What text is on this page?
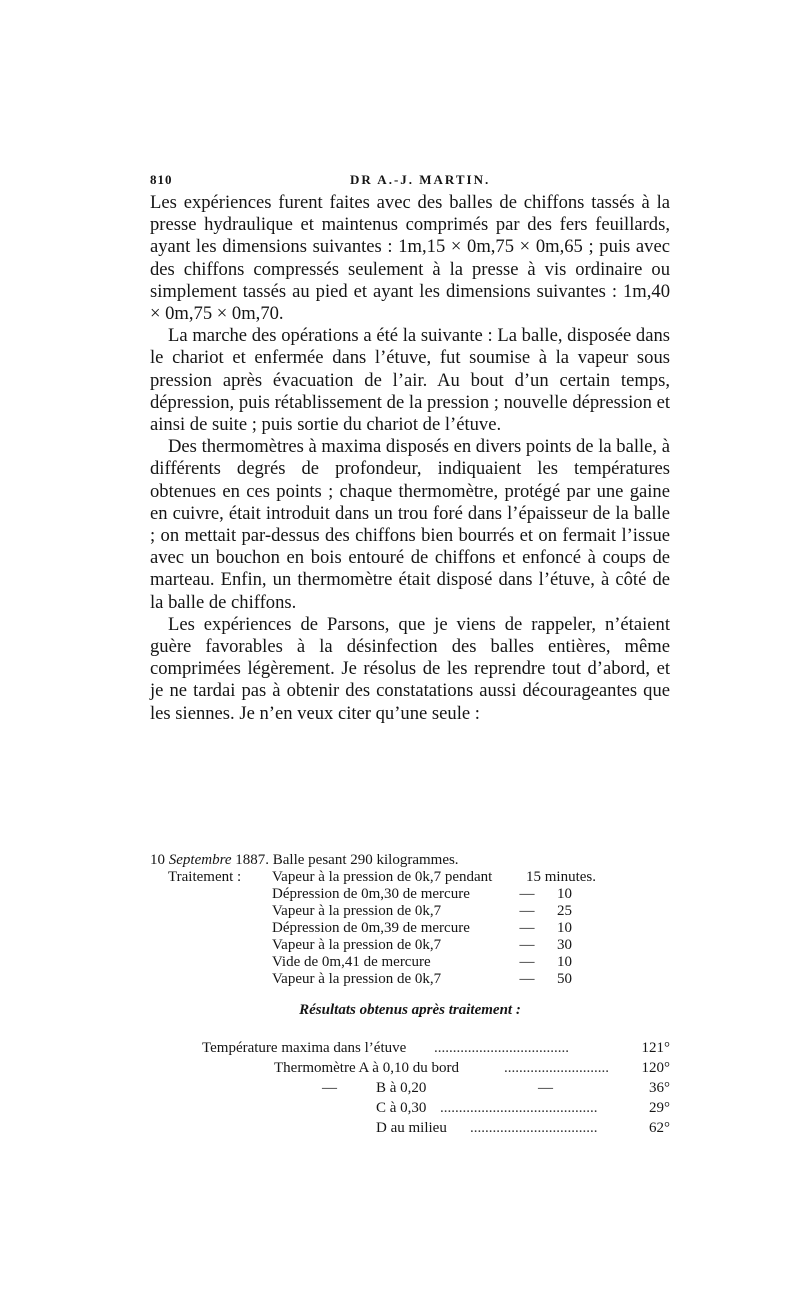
810	DR A.-J. MARTIN.

Les expériences furent faites avec des balles de chiffons tassés à la presse hydraulique et maintenus comprimés par des fers feuillards, ayant les dimensions suivantes : 1m,15 × 0m,75 × 0m,65 ; puis avec des chiffons compressés seulement à la presse à vis ordinaire ou simplement tassés au pied et ayant les dimensions suivantes : 1m,40 × 0m,75 × 0m,70.

La marche des opérations a été la suivante : La balle, disposée dans le chariot et enfermée dans l’étuve, fut soumise à la vapeur sous pression après évacuation de l’air. Au bout d’un certain temps, dépression, puis rétablissement de la pression ; nouvelle dépression et ainsi de suite ; puis sortie du chariot de l’étuve.

Des thermomètres à maxima disposés en divers points de la balle, à différents degrés de profondeur, indiquaient les températures obtenues en ces points ; chaque thermomètre, protégé par une gaine en cuivre, était introduit dans un trou foré dans l’épaisseur de la balle ; on mettait par-dessus des chiffons bien bourrés et on fermait l’issue avec un bouchon en bois entouré de chiffons et enfoncé à coups de marteau. Enfin, un thermomètre était disposé dans l’étuve, à côté de la balle de chiffons.

Les expériences de Parsons, que je viens de rappeler, n’étaient guère favorables à la désinfection des balles entières, même comprimées légèrement. Je résolus de les reprendre tout d’abord, et je ne tardai pas à obtenir des constatations aussi décourageantes que les siennes. Je n’en veux citer qu’une seule :

10 Septembre 1887. Balle pesant 290 kilogrammes.
Traitement : Vapeur à la pression de 0k,7 pendant 15 minutes.
Dépression de 0m,30 de mercure	—	10
Vapeur à la pression de 0k,7	—	25
Dépression de 0m,39 de mercure	—	10
Vapeur à la pression de 0k,7	—	30
Vide de 0m,41 de mercure	—	10
Vapeur à la pression de 0k,7	—	50
Résultats obtenus après traitement :
Température maxima dans l’étuve ....................................	121°
Thermomètre A à 0,10 du bord	............................	120°
—	B à 0,20	—	36°
C à 0,30 ..........................................	29°
D au milieu ..................................	62°
